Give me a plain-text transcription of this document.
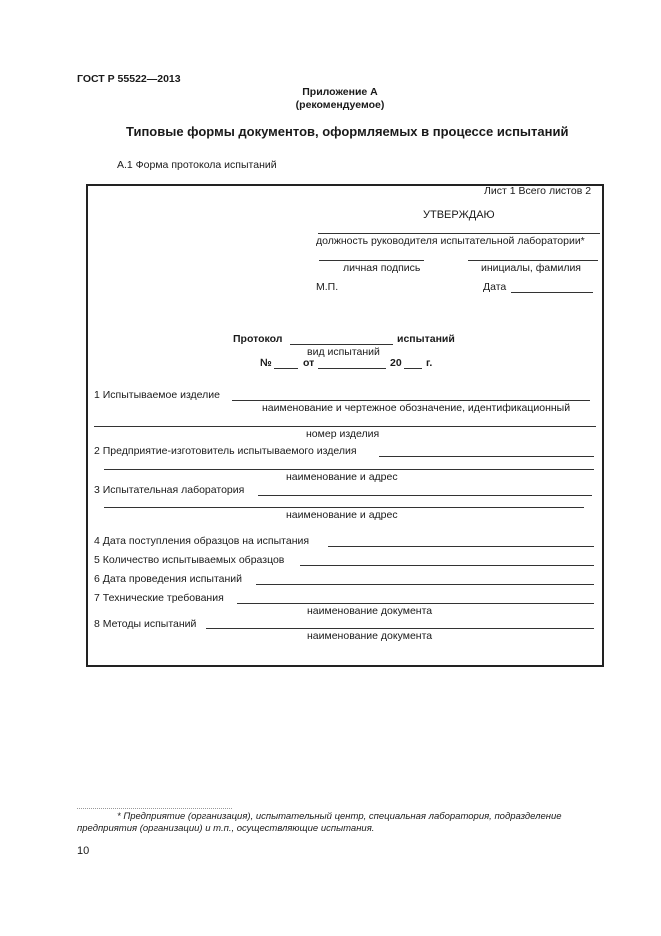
ГОСТ Р 55522—2013
Приложение А
(рекомендуемое)
Типовые формы документов, оформляемых в процессе испытаний
А.1 Форма протокола испытаний
Лист 1 Всего листов 2
УТВЕРЖДАЮ
должность руководителя испытательной лаборатории*
личная подпись	инициалы, фамилия
М.П.	Дата
Протокол	испытаний
вид испытаний
№	от	20 г.
1 Испытываемое изделие
наименование и чертежное обозначение, идентификационный
номер изделия
2 Предприятие-изготовитель испытываемого изделия
наименование и адрес
3 Испытательная лаборатория
наименование и адрес
4 Дата поступления образцов на испытания
5 Количество испытываемых образцов
6 Дата проведения испытаний
7 Технические требования
наименование документа
8 Методы испытаний
наименование документа
* Предприятие (организация), испытательный центр, специальная лаборатория, подразделение
предприятия (организации) и т.п., осуществляющие испытания.
10
